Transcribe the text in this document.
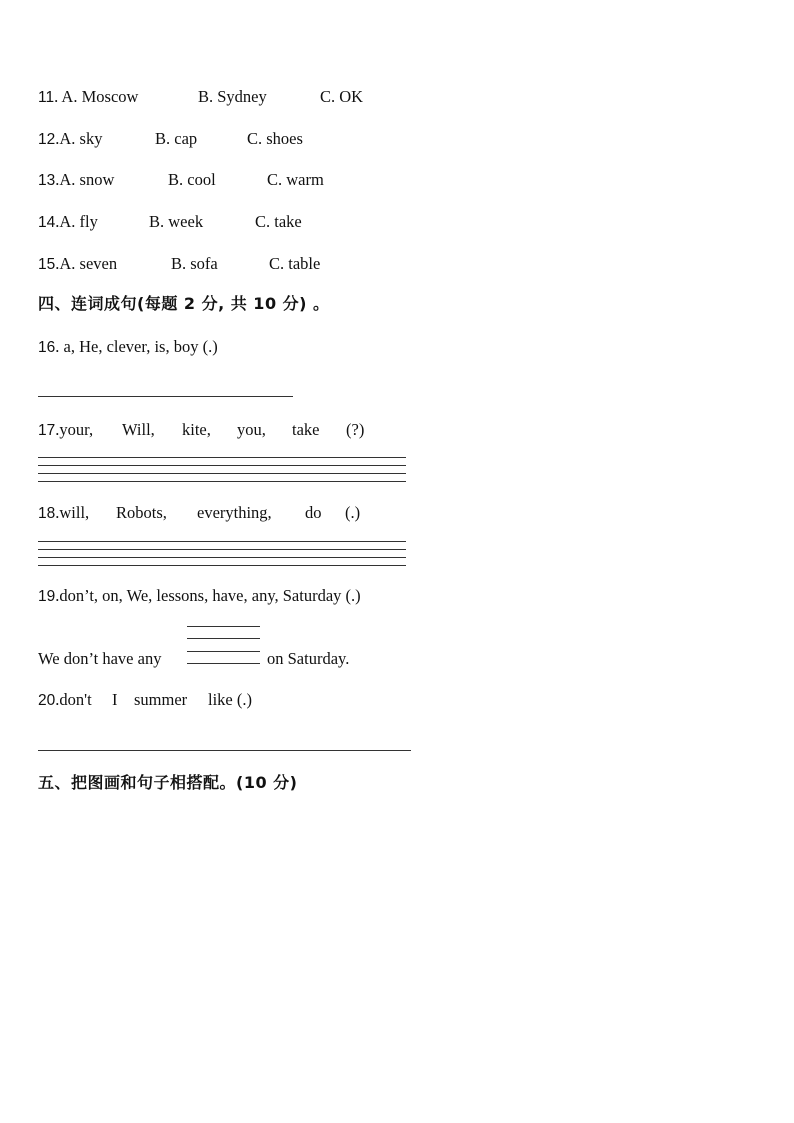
11. A. Moscow	B. Sydney	C. OK
12.A. sky	B. cap	C. shoes
13.A. snow	B. cool	C. warm
14.A. fly	B. week	C. take
15.A. seven	B. sofa	C. table
四、连词成句(每题 2 分, 共 10 分) 。
16. a, He, clever, is, boy (.)
17.your, Will, kite, you, take (?)
18.will, Robots, everything, do (.)
19.don’t, on, We, lessons, have, any, Saturday (.)
We don’t have any	on Saturday.
20.don't I summer like (.)
五、把图画和句子相搭配。(10 分)
